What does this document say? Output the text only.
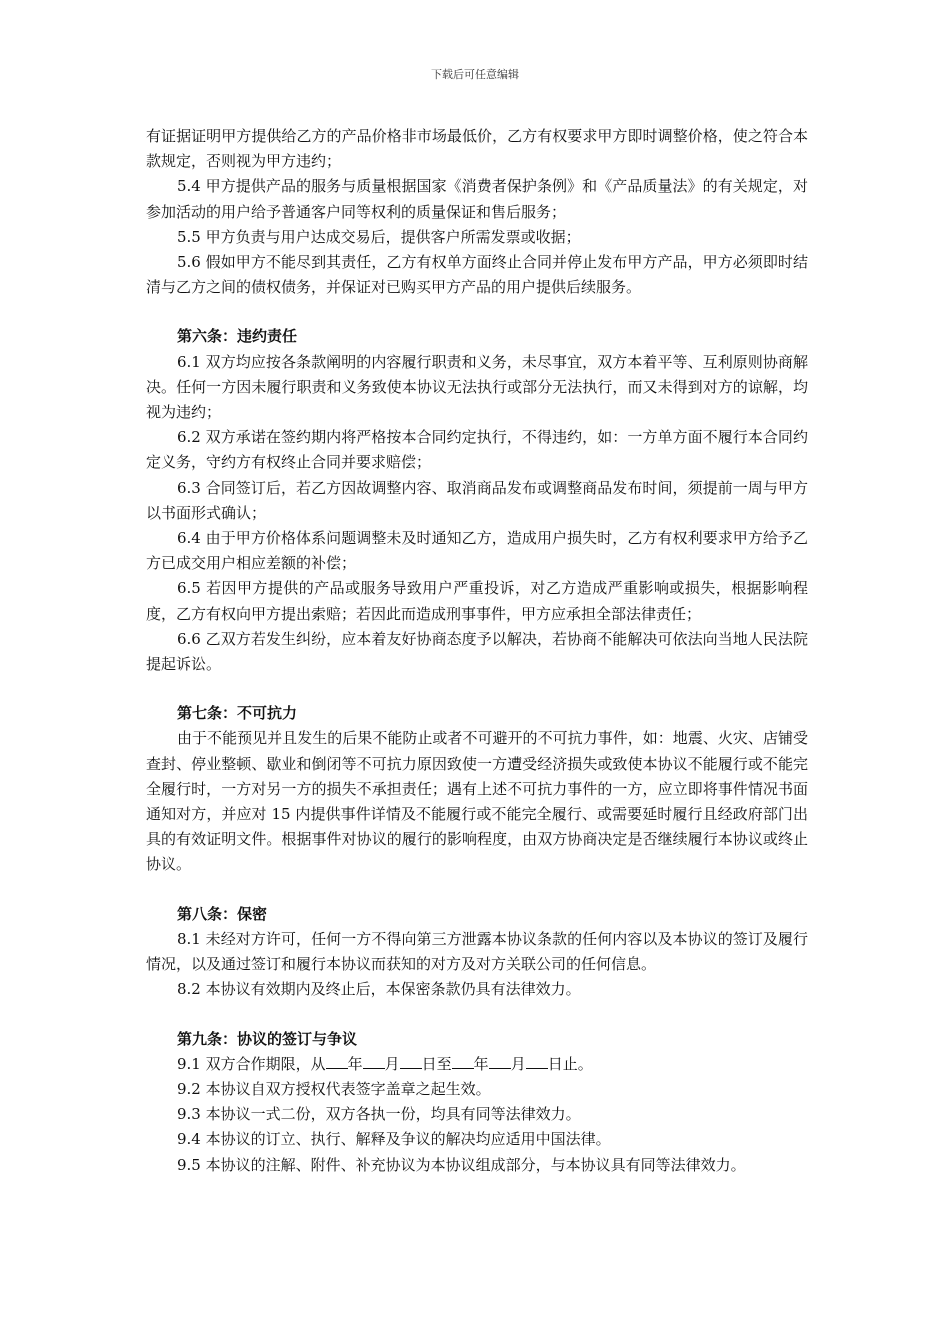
下载后可任意编辑

有证据证明甲方提供给乙方的产品价格非市场最低价，乙方有权要求甲方即时调整价格，使之符合本款规定，否则视为甲方违约；

5.4 甲方提供产品的服务与质量根据国家《消费者保护条例》和《产品质量法》的有关规定，对参加活动的用户给予普通客户同等权利的质量保证和售后服务；

5.5 甲方负责与用户达成交易后，提供客户所需发票或收据；

5.6 假如甲方不能尽到其责任，乙方有权单方面终止合同并停止发布甲方产品，甲方必须即时结清与乙方之间的债权债务，并保证对已购买甲方产品的用户提供后续服务。

第六条：违约责任

6.1 双方均应按各条款阐明的内容履行职责和义务，未尽事宜，双方本着平等、互利原则协商解决。任何一方因未履行职责和义务致使本协议无法执行或部分无法执行，而又未得到对方的谅解，均视为违约；

6.2 双方承诺在签约期内将严格按本合同约定执行，不得违约，如：一方单方面不履行本合同约定义务，守约方有权终止合同并要求赔偿；

6.3 合同签订后，若乙方因故调整内容、取消商品发布或调整商品发布时间，须提前一周与甲方以书面形式确认；

6.4 由于甲方价格体系问题调整未及时通知乙方，造成用户损失时，乙方有权利要求甲方给予乙方已成交用户相应差额的补偿；

6.5 若因甲方提供的产品或服务导致用户严重投诉，对乙方造成严重影响或损失，根据影响程度，乙方有权向甲方提出索赔；若因此而造成刑事事件，甲方应承担全部法律责任；

6.6 乙双方若发生纠纷，应本着友好协商态度予以解决，若协商不能解决可依法向当地人民法院提起诉讼。

第七条：不可抗力

由于不能预见并且发生的后果不能防止或者不可避开的不可抗力事件，如：地震、火灾、店铺受查封、停业整顿、歇业和倒闭等不可抗力原因致使一方遭受经济损失或致使本协议不能履行或不能完全履行时，一方对另一方的损失不承担责任；遇有上述不可抗力事件的一方，应立即将事件情况书面通知对方，并应对 15 内提供事件详情及不能履行或不能完全履行、或需要延时履行且经政府部门出具的有效证明文件。根据事件对协议的履行的影响程度，由双方协商决定是否继续履行本协议或终止协议。

第八条：保密

8.1 未经对方许可，任何一方不得向第三方泄露本协议条款的任何内容以及本协议的签订及履行情况，以及通过签订和履行本协议而获知的对方及对方关联公司的任何信息。

8.2 本协议有效期内及终止后，本保密条款仍具有法律效力。

第九条：协议的签订与争议

9.1 双方合作期限，从 年 月 日至 年 月 日止。

9.2 本协议自双方授权代表签字盖章之起生效。

9.3 本协议一式二份，双方各执一份，均具有同等法律效力。

9.4 本协议的订立、执行、解释及争议的解决均应适用中国法律。

9.5 本协议的注解、附件、补充协议为本协议组成部分，与本协议具有同等法律效力。
